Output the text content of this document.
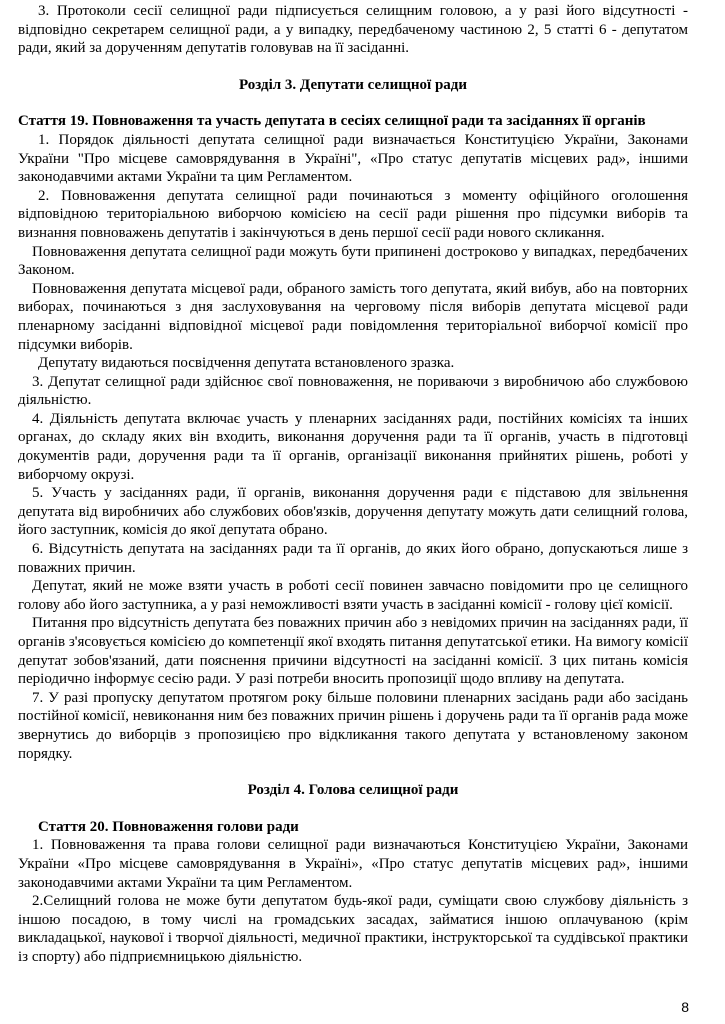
3. Протоколи сесії селищної ради підписується селищним головою, а у разі його відсутності - відповідно секретарем селищної ради, а у випадку, передбаченому частиною 2, 5 статті 6 - депутатом ради, який за дорученням депутатів головував на її засіданні.

Розділ 3. Депутати селищної ради
Стаття 19. Повноваження та участь депутата в сесіях селищної ради та засіданнях її органів

1. Порядок діяльності депутата селищної ради визначається Конституцією України, Законами України "Про місцеве самоврядування в Україні", «Про статус депутатів місцевих рад», іншими законодавчими актами України та цим Регламентом.

2. Повноваження депутата селищної ради починаються з моменту офіційного оголошення відповідною територіальною виборчою комісією на сесії ради рішення про підсумки виборів та визнання повноважень депутатів і закінчуються в день першої сесії ради нового скликання.

Повноваження депутата селищної ради можуть бути припинені достроково у випадках, передбачених Законом.

Повноваження депутата місцевої ради, обраного замість того депутата, який вибув, або на повторних виборах, починаються з дня заслуховування на черговому після виборів депутата місцевої ради пленарному засіданні відповідної місцевої ради повідомлення територіальної виборчої комісії про підсумки виборів.

Депутату видаються посвідчення депутата встановленого зразка.

3. Депутат селищної ради здійснює свої повноваження, не пориваючи з виробничою або службовою діяльністю.

4. Діяльність депутата включає участь у пленарних засіданнях ради, постійних комісіях та інших органах, до складу яких він входить, виконання доручення ради та її органів, участь в підготовці документів ради, доручення ради та її органів, організації виконання прийнятих рішень, роботі у виборчому окрузі.

5. Участь у засіданнях ради, її органів, виконання доручення ради є підставою для звільнення депутата від виробничих або службових обов'язків, доручення депутату можуть дати селищний голова, його заступник, комісія до якої депутата обрано.

6. Відсутність депутата на засіданнях ради та її органів, до яких його обрано, допускаються лише з поважних причин.

Депутат, який не може взяти участь в роботі сесії повинен завчасно повідомити про це селищного голову або його заступника, а у разі неможливості взяти участь в засіданні комісії - голову цієї комісії.

Питання про відсутність депутата без поважних причин або з невідомих причин на засіданнях ради, її органів з'ясовується комісією до компетенції якої входять питання депутатської етики. На вимогу комісії депутат зобов'язаний, дати пояснення причини відсутності на засіданні комісії. З цих питань комісія періодично інформує сесію ради. У разі потреби вносить пропозиції щодо впливу на депутата.

7. У разі пропуску депутатом протягом року більше половини пленарних засідань ради або засідань постійної комісії, невиконання ним без поважних причин рішень і доручень ради та її органів рада може звернутись до виборців з пропозицією про відкликання такого депутата у встановленому законом порядку.

Розділ 4. Голова селищної ради
Стаття 20. Повноваження голови ради

1. Повноваження та права голови селищної ради визначаються Конституцією України, Законами України «Про місцеве самоврядування в Україні», «Про статус депутатів місцевих рад», іншими законодавчими актами України та цим Регламентом.

2.Селищний голова не може бути депутатом будь-якої ради, суміщати свою службову діяльність з іншою посадою, в тому числі на громадських засадах, займатися іншою оплачуваною (крім викладацької, наукової і творчої діяльності, медичної практики, інструкторської та суддівської практики із спорту) або підприємницькою діяльністю.

8
